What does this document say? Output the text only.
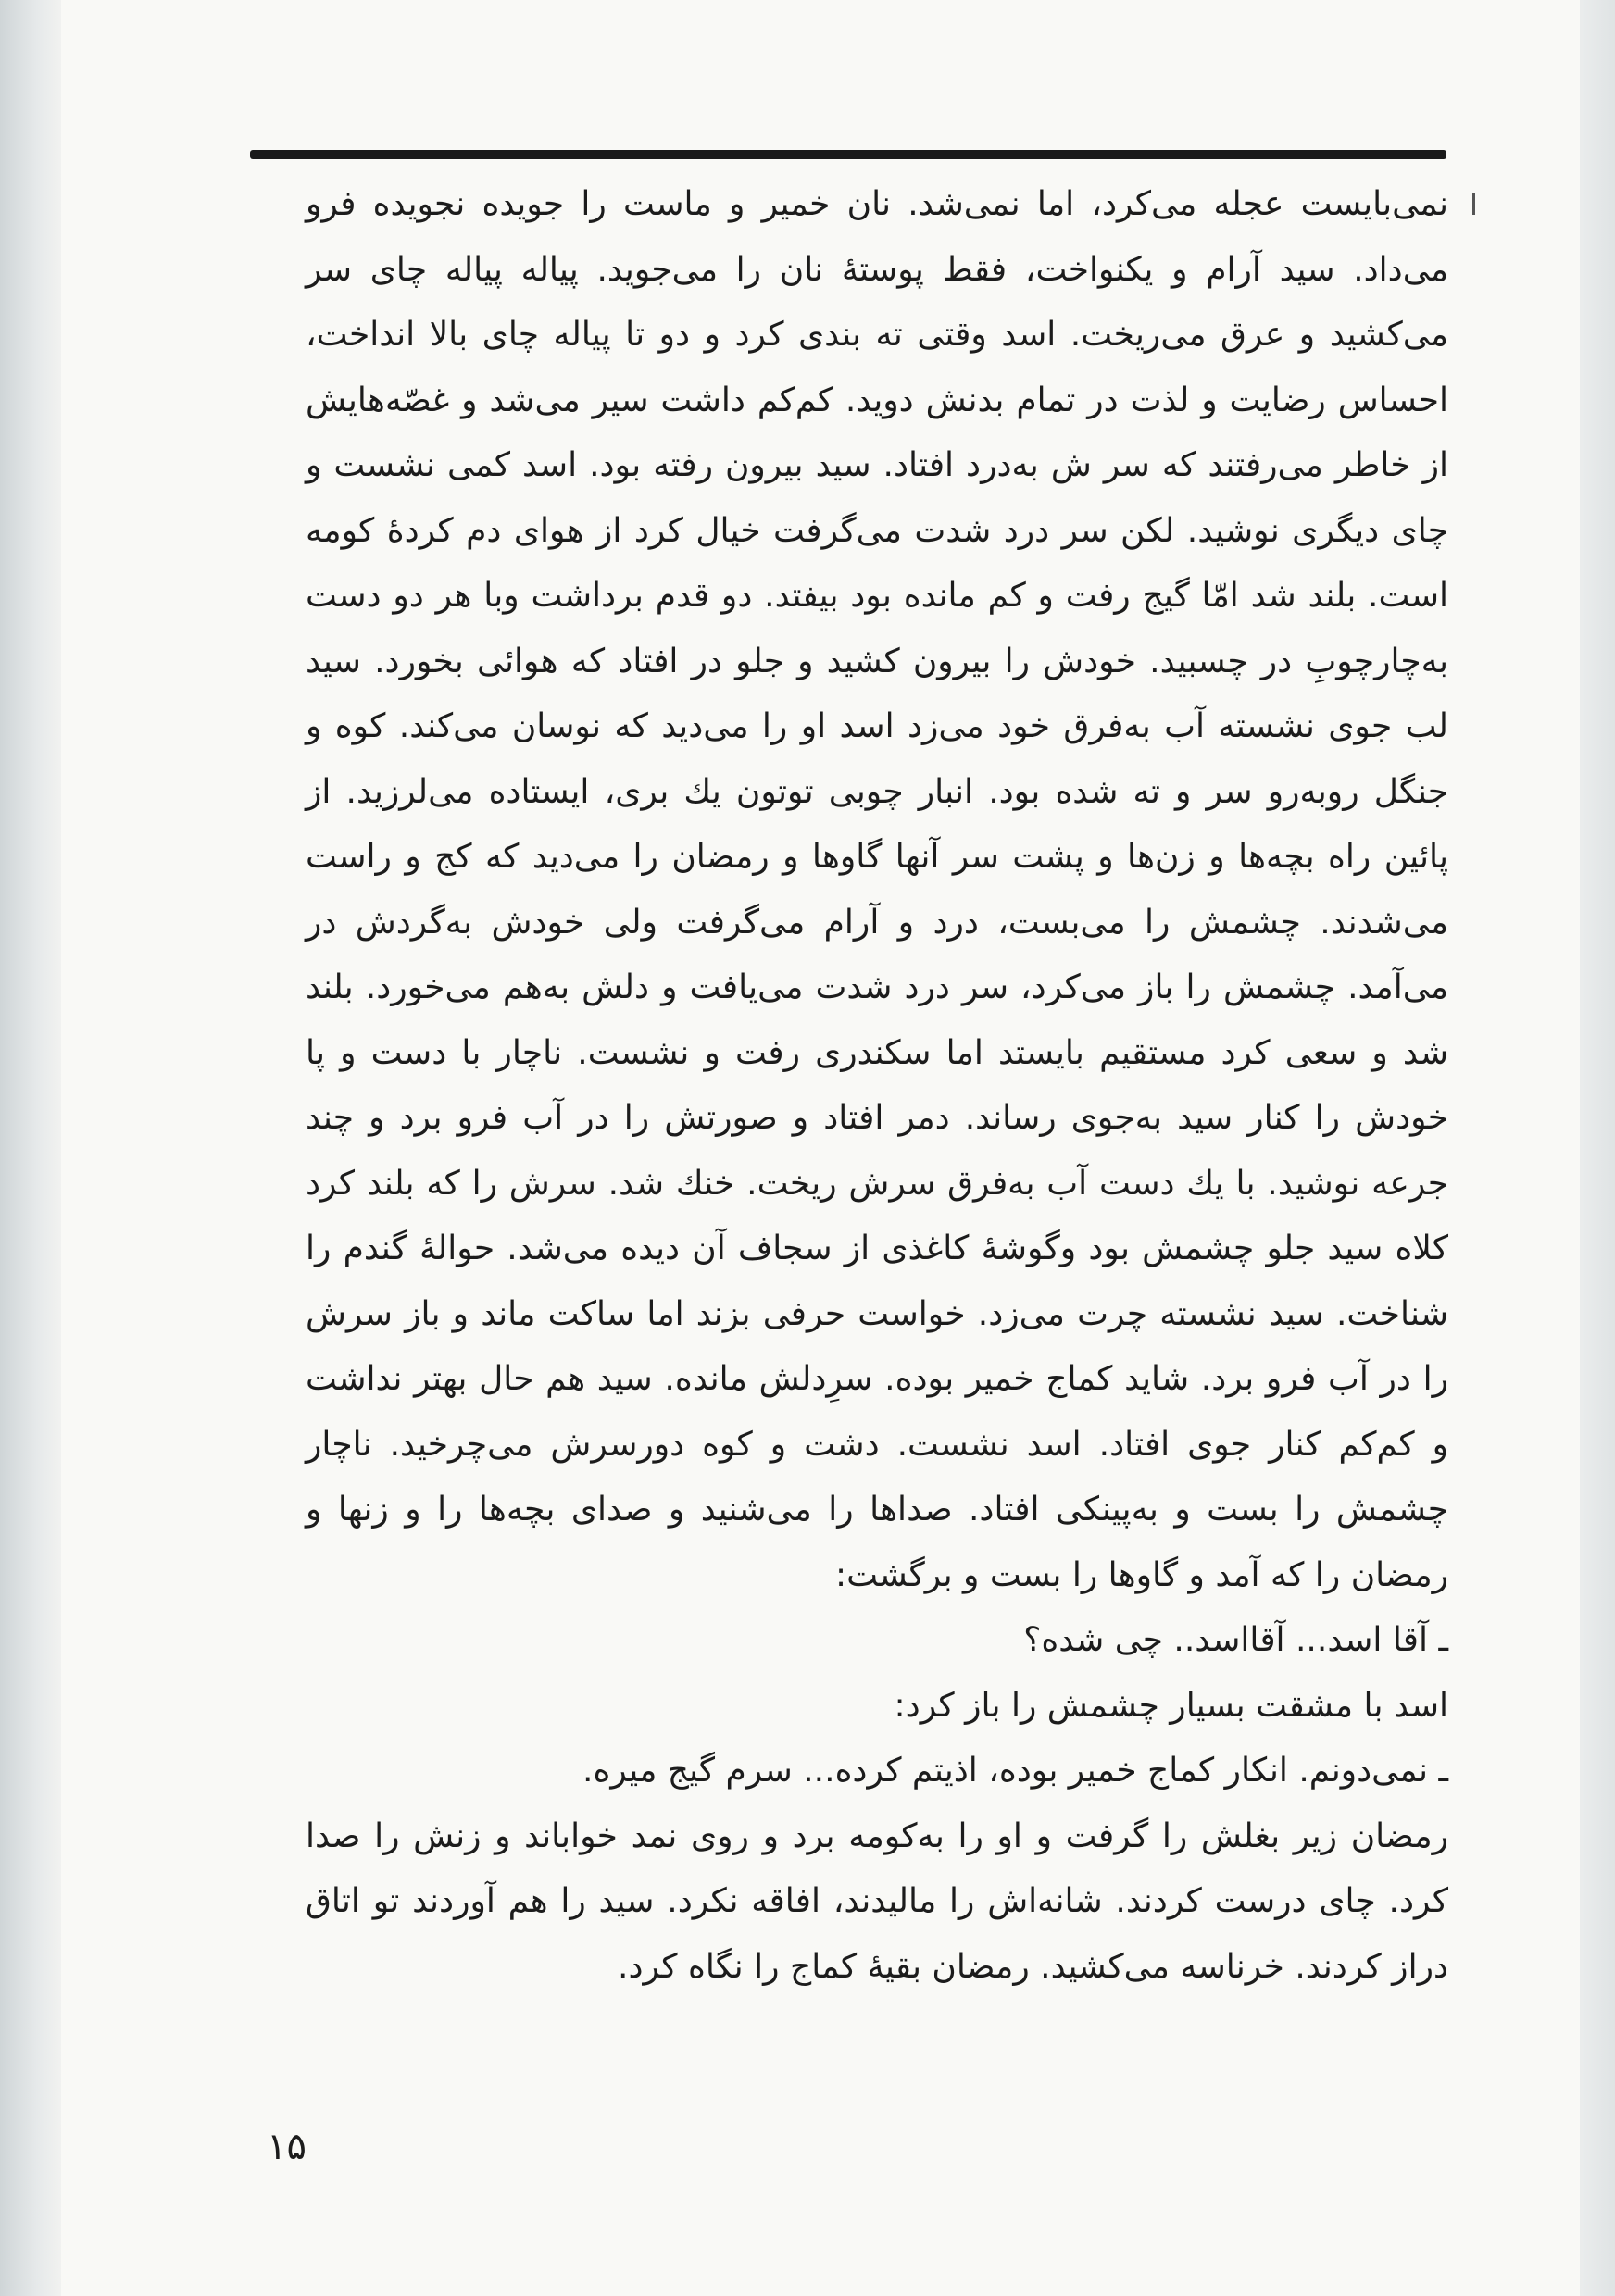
نمی‌بایست عجله می‌کرد، اما نمی‌شد. نان خمیر و ماست را جویده نجویده فرو می‌داد. سید آرام و یکنواخت، فقط پوستهٔ نان را می‌جوید. پیاله پیاله چای سر می‌کشید و عرق می‌ریخت. اسد وقتی ته بندی کرد و دو تا پیاله چای بالا انداخت، احساس رضایت و لذت در تمام بدنش دوید. کم‌کم داشت سیر می‌شد و غصّه‌هایش از خاطر می‌رفتند که سر ش به‌درد افتاد. سید بیرون رفته بود. اسد کمی نشست و چای دیگری نوشید. لکن سر درد شدت می‌گرفت خیال کرد از هوای دم کردهٔ کومه است. بلند شد امّا گیج رفت و کم مانده بود بیفتد. دو قدم برداشت وبا هر دو دست به‌چارچوبِ در چسبید. خودش را بیرون کشید و جلو در افتاد که هوائی بخورد. سید لب جوی نشسته آب به‌فرق خود می‌زد اسد او را می‌دید که نوسان می‌کند. کوه و جنگل روبه‌رو سر و ته شده بود. انبار چوبی توتون یك بری، ایستاده می‌لرزید. از پائین راه بچه‌ها و زن‌ها و پشت سر آنها گاوها و رمضان را می‌دید که کج و راست می‌شدند. چشمش را می‌بست، درد و آرام می‌گرفت ولی خودش به‌گردش در می‌آمد. چشمش را باز می‌کرد، سر درد شدت می‌یافت و دلش به‌هم می‌خورد. بلند شد و سعی کرد مستقیم بایستد اما سکندری رفت و نشست. ناچار با دست و پا خودش را کنار سید به‌جوی رساند. دمر افتاد و صورتش را در آب فرو برد و چند جرعه نوشید. با یك دست آب به‌فرق سرش ریخت. خنك شد. سرش را که بلند کرد کلاه سید جلو چشمش بود وگوشهٔ کاغذی از سجاف آن دیده می‌شد. حوالهٔ گندم را شناخت. سید نشسته چرت می‌زد. خواست حرفی بزند اما ساکت ماند و باز سرش را در آب فرو برد. شاید کماج خمیر بوده. سرِدلش مانده. سید هم حال بهتر نداشت و کم‌کم کنار جوی افتاد. اسد نشست. دشت و کوه دورسرش می‌چرخید. ناچار چشمش را بست و به‌پینکی افتاد. صداها را می‌شنید و صدای بچه‌ها را و زنها و رمضان را که آمد و گاوها را بست و برگشت:

ـ آقا اسد... آقااسد.. چی شده؟

اسد با مشقت بسیار چشمش را باز کرد:

ـ نمی‌دونم. انکار کماج خمیر بوده، اذیتم کرده... سرم گیج میره.

رمضان زیر بغلش را گرفت و او را به‌کومه برد و روی نمد خواباند و زنش را صدا کرد. چای درست کردند. شانه‌اش را مالیدند، افاقه نکرد. سید را هم آوردند تو اتاق دراز کردند. خرناسه می‌کشید. رمضان بقیهٔ کماج را نگاه کرد.

۱۵
